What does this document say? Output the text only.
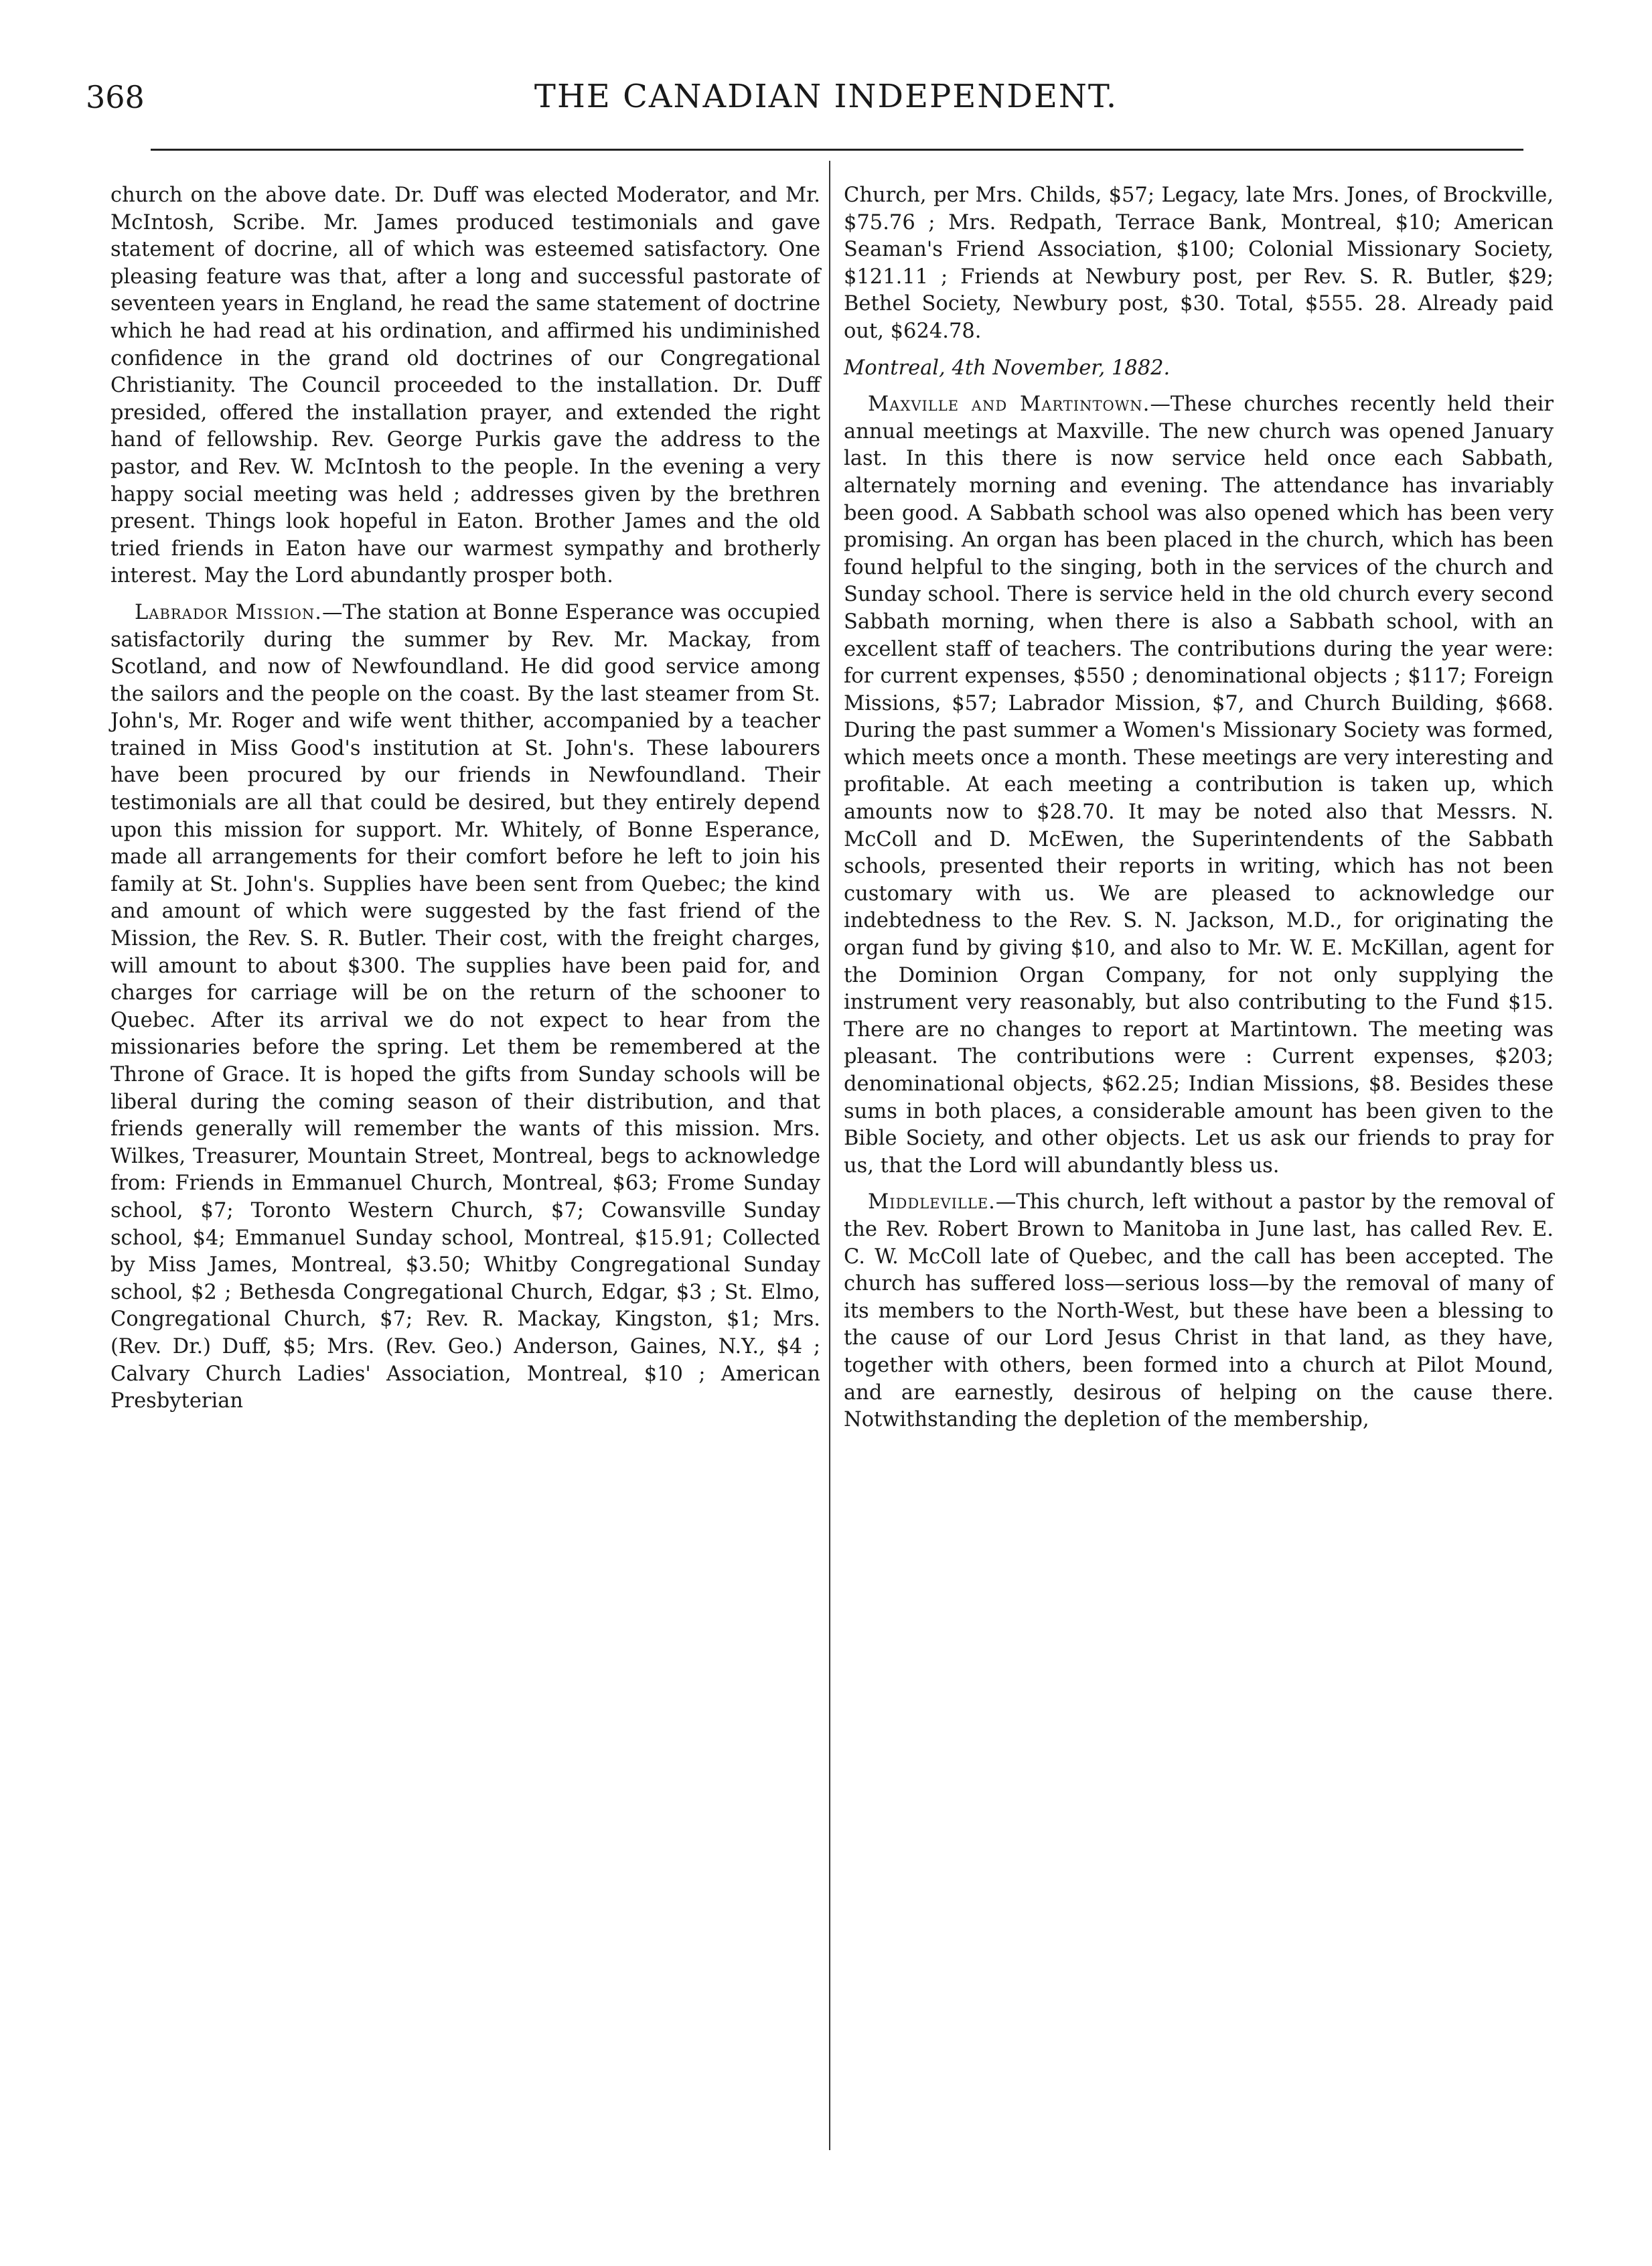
368	THE CANADIAN INDEPENDENT.

church on the above date. Dr. Duff was elected Moderator, and Mr. McIntosh, Scribe. Mr. James produced testimonials and gave statement of docrine, all of which was esteemed satisfactory. One pleasing feature was that, after a long and successful pastorate of seventeen years in England, he read the same statement of doctrine which he had read at his ordination, and affirmed his undiminished confidence in the grand old doctrines of our Congregational Christianity. The Council proceeded to the installation. Dr. Duff presided, offered the installation prayer, and extended the right hand of fellowship. Rev. George Purkis gave the address to the pastor, and Rev. W. McIntosh to the people. In the evening a very happy social meeting was held ; addresses given by the brethren present. Things look hopeful in Eaton. Brother James and the old tried friends in Eaton have our warmest sympathy and brotherly interest. May the Lord abundantly prosper both.

Labrador Mission.—The station at Bonne Esperance was occupied satisfactorily during the summer by Rev. Mr. Mackay, from Scotland, and now of Newfoundland. He did good service among the sailors and the people on the coast. By the last steamer from St. John's, Mr. Roger and wife went thither, accompanied by a teacher trained in Miss Good's institution at St. John's. These labourers have been procured by our friends in Newfoundland. Their testimonials are all that could be desired, but they entirely depend upon this mission for support. Mr. Whitely, of Bonne Esperance, made all arrangements for their comfort before he left to join his family at St. John's. Supplies have been sent from Quebec; the kind and amount of which were suggested by the fast friend of the Mission, the Rev. S. R. Butler. Their cost, with the freight charges, will amount to about $300. The supplies have been paid for, and charges for carriage will be on the return of the schooner to Quebec. After its arrival we do not expect to hear from the missionaries before the spring. Let them be remembered at the Throne of Grace. It is hoped the gifts from Sunday schools will be liberal during the coming season of their distribution, and that friends generally will remember the wants of this mission. Mrs. Wilkes, Treasurer, Mountain Street, Montreal, begs to acknowledge from: Friends in Emmanuel Church, Montreal, $63; Frome Sunday school, $7; Toronto Western Church, $7; Cowansville Sunday school, $4; Emmanuel Sunday school, Montreal, $15.91; Collected by Miss James, Montreal, $3.50; Whitby Congregational Sunday school, $2 ; Bethesda Congregational Church, Edgar, $3 ; St. Elmo, Congregational Church, $7; Rev. R. Mackay, Kingston, $1; Mrs. (Rev. Dr.) Duff, $5; Mrs. (Rev. Geo.) Anderson, Gaines, N.Y., $4 ; Calvary Church Ladies' Association, Montreal, $10 ; American Presbyterian

Church, per Mrs. Childs, $57; Legacy, late Mrs. Jones, of Brockville, $75.76 ; Mrs. Redpath, Terrace Bank, Montreal, $10; American Seaman's Friend Association, $100; Colonial Missionary Society, $121.11 ; Friends at Newbury post, per Rev. S. R. Butler, $29; Bethel Society, Newbury post, $30. Total, $555. 28. Already paid out, $624.78.

Montreal, 4th November, 1882.

Maxville and Martintown.—These churches recently held their annual meetings at Maxville. The new church was opened January last. In this there is now service held once each Sabbath, alternately morning and evening. The attendance has invariably been good. A Sabbath school was also opened which has been very promising. An organ has been placed in the church, which has been found helpful to the singing, both in the services of the church and Sunday school. There is service held in the old church every second Sabbath morning, when there is also a Sabbath school, with an excellent staff of teachers. The contributions during the year were: for current expenses, $550 ; denominational objects ; $117; Foreign Missions, $57; Labrador Mission, $7, and Church Building, $668. During the past summer a Women's Missionary Society was formed, which meets once a month. These meetings are very interesting and profitable. At each meeting a contribution is taken up, which amounts now to $28.70. It may be noted also that Messrs. N. McColl and D. McEwen, the Superintendents of the Sabbath schools, presented their reports in writing, which has not been customary with us. We are pleased to acknowledge our indebtedness to the Rev. S. N. Jackson, M.D., for originating the organ fund by giving $10, and also to Mr. W. E. McKillan, agent for the Dominion Organ Company, for not only supplying the instrument very reasonably, but also contributing to the Fund $15. There are no changes to report at Martintown. The meeting was pleasant. The contributions were : Current expenses, $203; denominational objects, $62.25; Indian Missions, $8. Besides these sums in both places, a considerable amount has been given to the Bible Society, and other objects. Let us ask our friends to pray for us, that the Lord will abundantly bless us.

Middleville.—This church, left without a pastor by the removal of the Rev. Robert Brown to Manitoba in June last, has called Rev. E. C. W. McColl late of Quebec, and the call has been accepted. The church has suffered loss—serious loss—by the removal of many of its members to the North-West, but these have been a blessing to the cause of our Lord Jesus Christ in that land, as they have, together with others, been formed into a church at Pilot Mound, and are earnestly, desirous of helping on the cause there. Notwithstanding the depletion of the membership,
